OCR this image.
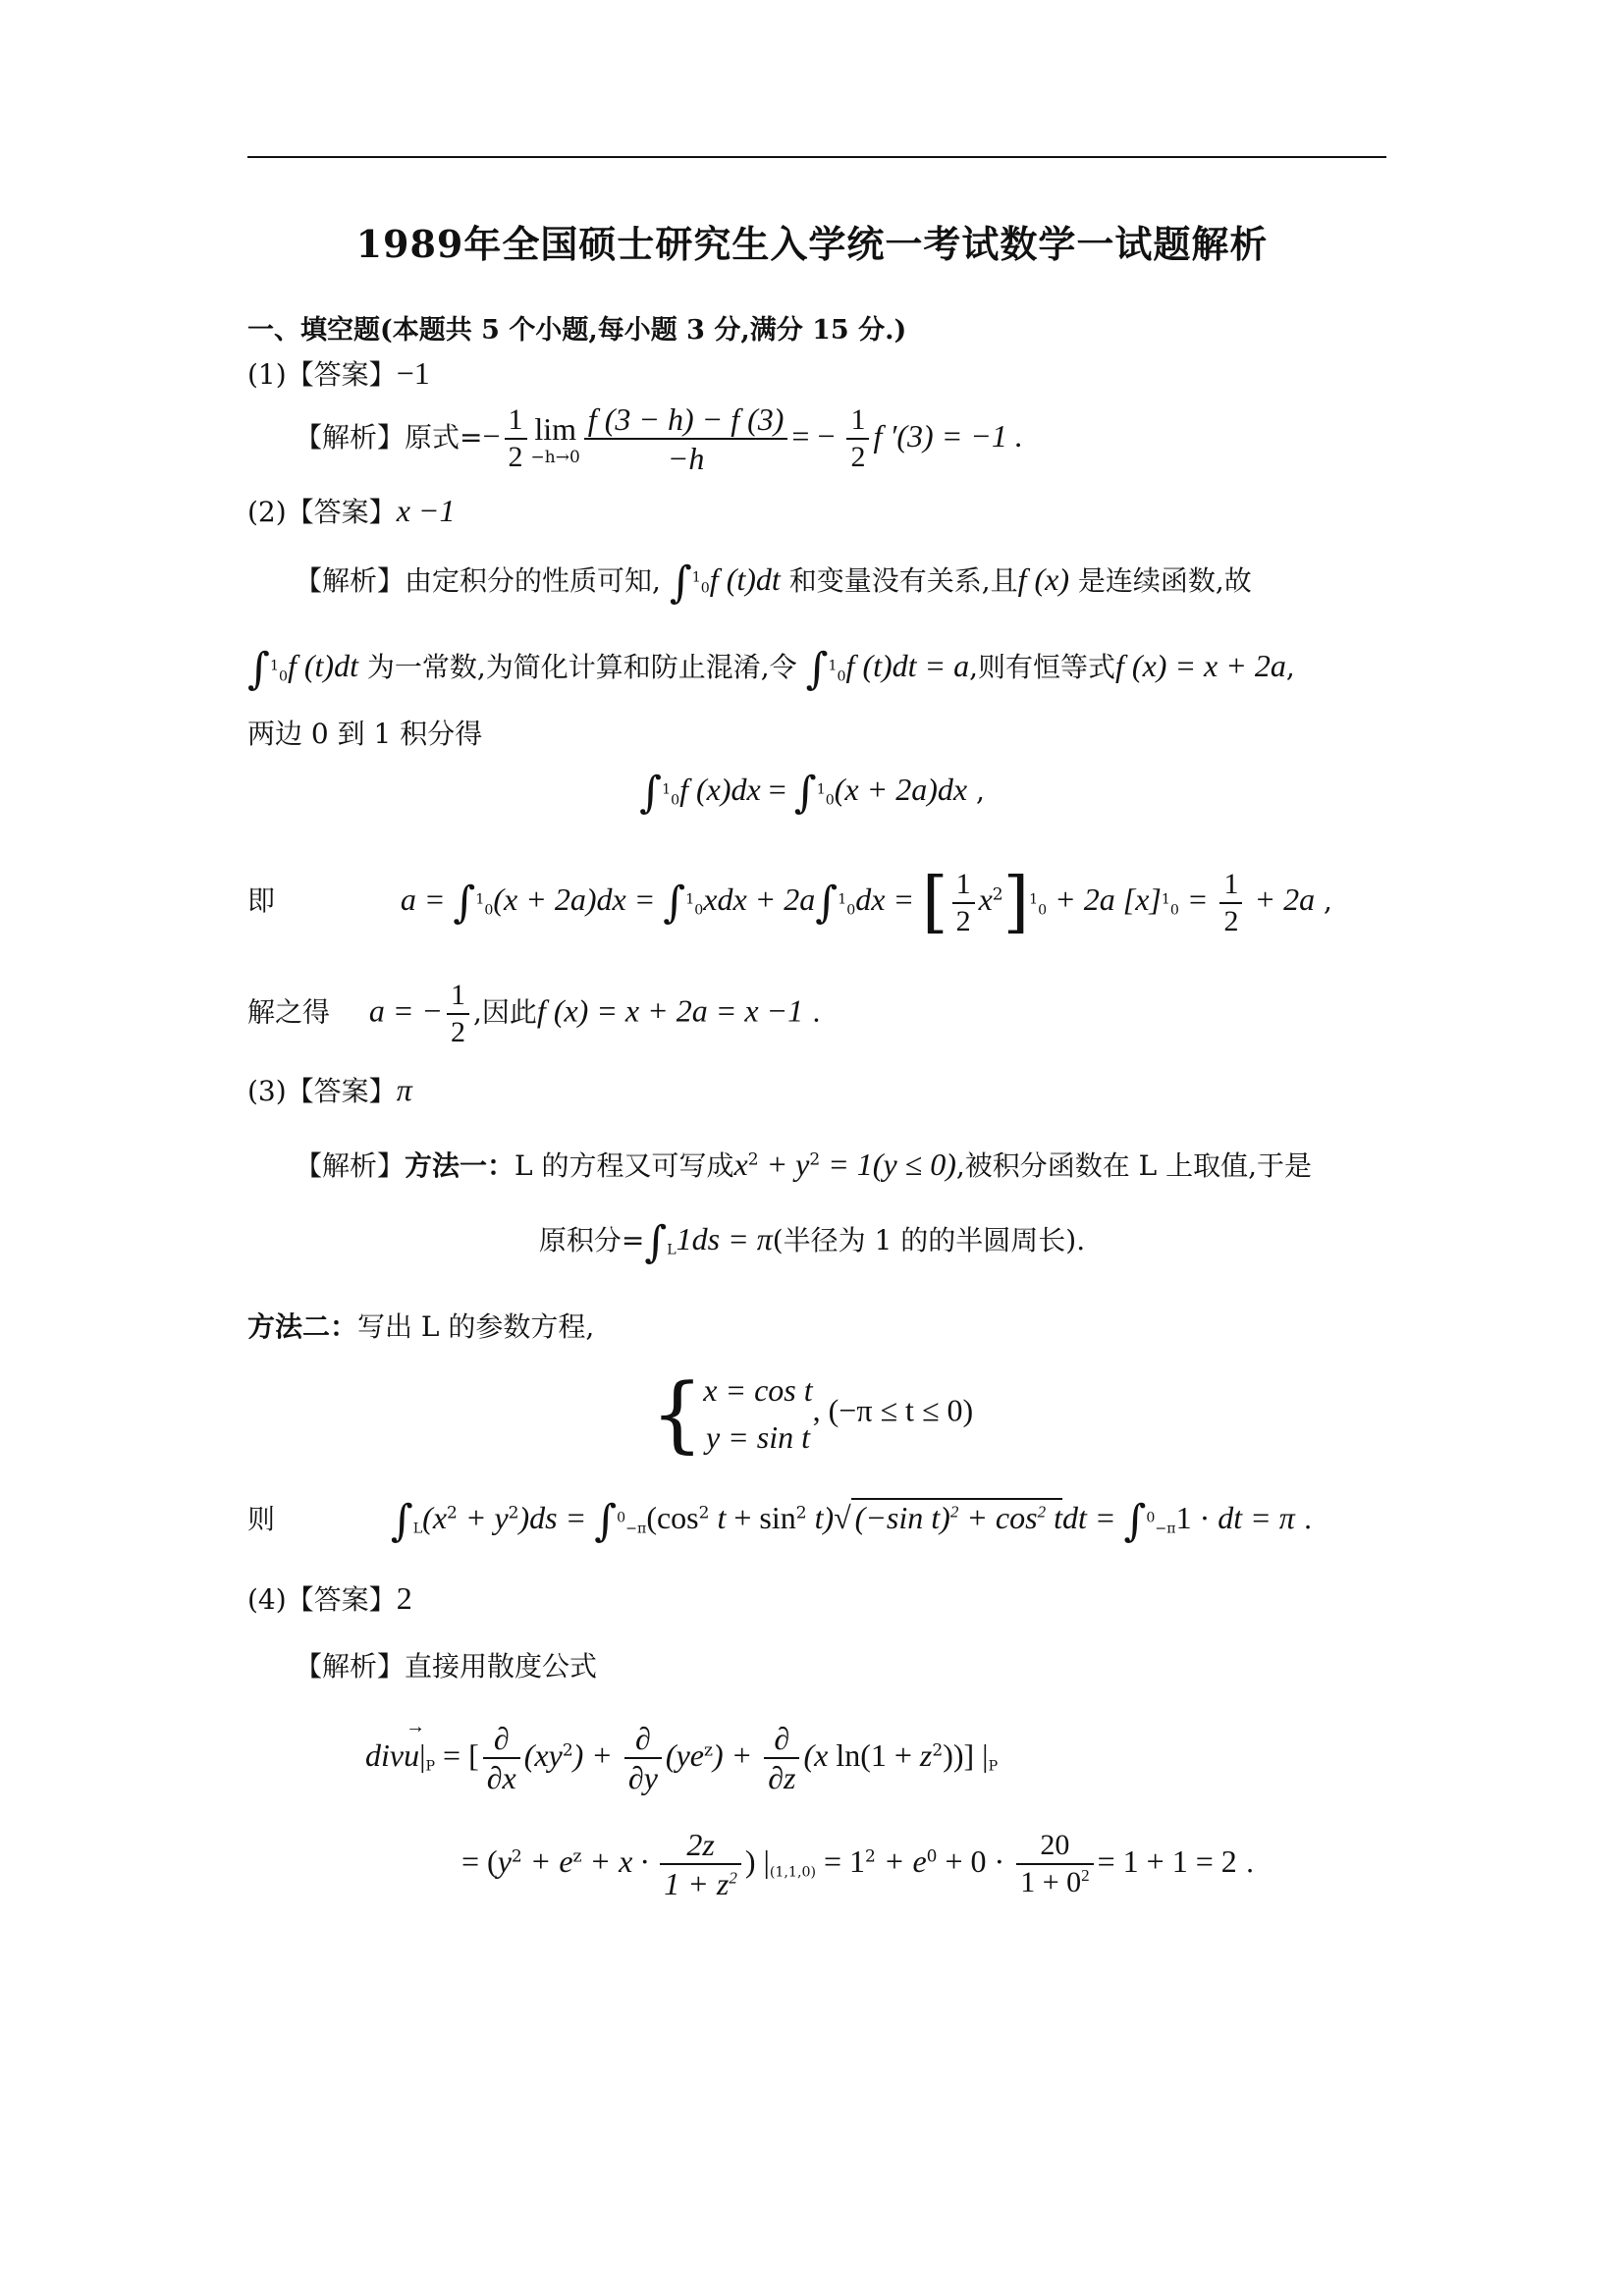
1989年全国硕士研究生入学统一考试数学一试题解析
一、填空题(本题共 5 个小题,每小题 3 分,满分 15 分.)
(1)【答案】−1
【解析】原式=− $\frac{1}{2}$ lim
$-h\to 0 \frac{f (3 - h) - f (3)}{-h}$ = − $\frac{1}{2}$ f ′(3) = −1 .
(2)【答案】x −1
【解析】由定积分的性质可知, ∫$^1_0$f (t)dt 和变量没有关系,且f (x) 是连续函数,故
∫$^1_0$f (t)dt 为一常数,为简化计算和防止混淆,令 ∫$^1_0$f (t)dt = a,则有恒等式f (x) = x + 2a,
两边 0 到 1 积分得
∫$^1_0$f (x)dx = ∫$^1_0$(x + 2a)dx ,
即	a = ∫$^1_0$(x + 2a)dx = ∫$^1_0$xdx + 2a∫$^1_0$dx = [ $\frac{1}{2} x^2]^1_0 + 2a$ $[x]^1_0 = \frac{1}{2} + 2a$ ,
解之得 a = − $\frac{1}{2}$ ,因此f (x) = x + 2a = x −1 .
(3)【答案】π
【解析】方法一：L 的方程又可写成$x^2 + y^2 = 1(y \le 0)$,被积分函数在 L 上取值,于是
原积分$=\int_L1ds = \pi$(半径为 1 的的半圆周长).
方法二：写出 L 的参数方程,
{ x = cos t
y = sin t
, (−π ≤ t ≤ 0)
则	$\int_L(x^2 + y^2)ds = \int^0_{-\pi}(\cos^2$ $t + \sin^2 t)√$ (−sin $t)^2 + \cos^2$ tdt = ∫$^0_{-\pi}$1 · dt = π .
(4)【答案】2
【解析】直接用散度公式
divu
→
$|_P$ = [ $\frac{\partial}{\partial x} (xy^2) + \frac{\partial}{\partial y} (ye^z) + \frac{\partial}{\partial z} (x$ $\ln(1 + z^2)$)] $|_P$
= ($y^2 + e^z + x \cdot \frac{2z}{1 + z^2}$ ) $|_{(1,1,0)} = 1^2 + e^0 + 0 \cdot \frac{20}{1 + 0^2} = 1 + 1 = 2$ .
